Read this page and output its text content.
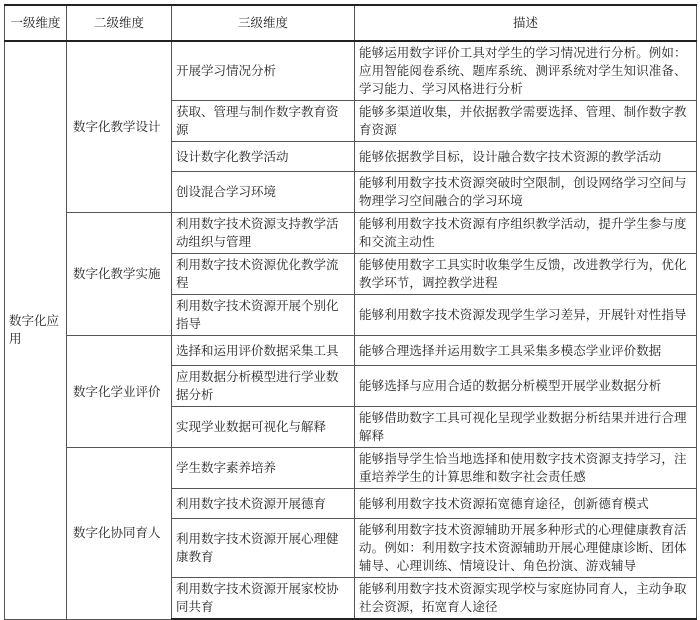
一级维度	二级维度	三级维度	描述
数字化应用	数字化教学设计	开展学习情况分析	能够运用数字评价工具对学生的学习情况进行分析。例如：应用智能阅卷系统、题库系统、测评系统对学生知识准备、学习能力、学习风格进行分析
		获取、管理与制作数字教育资源	能够多渠道收集，并依据教学需要选择、管理、制作数字教育资源
		设计数字化教学活动	能够依据教学目标，设计融合数字技术资源的教学活动
		创设混合学习环境	能够利用数字技术资源突破时空限制，创设网络学习空间与物理学习空间融合的学习环境
	数字化教学实施	利用数字技术资源支持教学活动组织与管理	能够利用数字技术资源有序组织教学活动，提升学生参与度和交流主动性
		利用数字技术资源优化教学流程	能够使用数字工具实时收集学生反馈，改进教学行为，优化教学环节，调控教学进程
		利用数字技术资源开展个别化指导	能够利用数字技术资源发现学生学习差异，开展针对性指导
	数字化学业评价	选择和运用评价数据采集工具	能够合理选择并运用数字工具采集多模态学业评价数据
		应用数据分析模型进行学业数据分析	能够选择与应用合适的数据分析模型开展学业数据分析
		实现学业数据可视化与解释	能够借助数字工具可视化呈现学业数据分析结果并进行合理解释
	数字化协同育人	学生数字素养培养	能够指导学生恰当地选择和使用数字技术资源支持学习，注重培养学生的计算思维和数字社会责任感
		利用数字技术资源开展德育	能够利用数字技术资源拓宽德育途径，创新德育模式
		利用数字技术资源开展心理健康教育	能够利用数字技术资源辅助开展多种形式的心理健康教育活动。例如：利用数字技术资源辅助开展心理健康诊断、团体辅导、心理训练、情境设计、角色扮演、游戏辅导
		利用数字技术资源开展家校协同共育	能够利用数字技术资源实现学校与家庭协同育人，主动争取社会资源，拓宽育人途径
